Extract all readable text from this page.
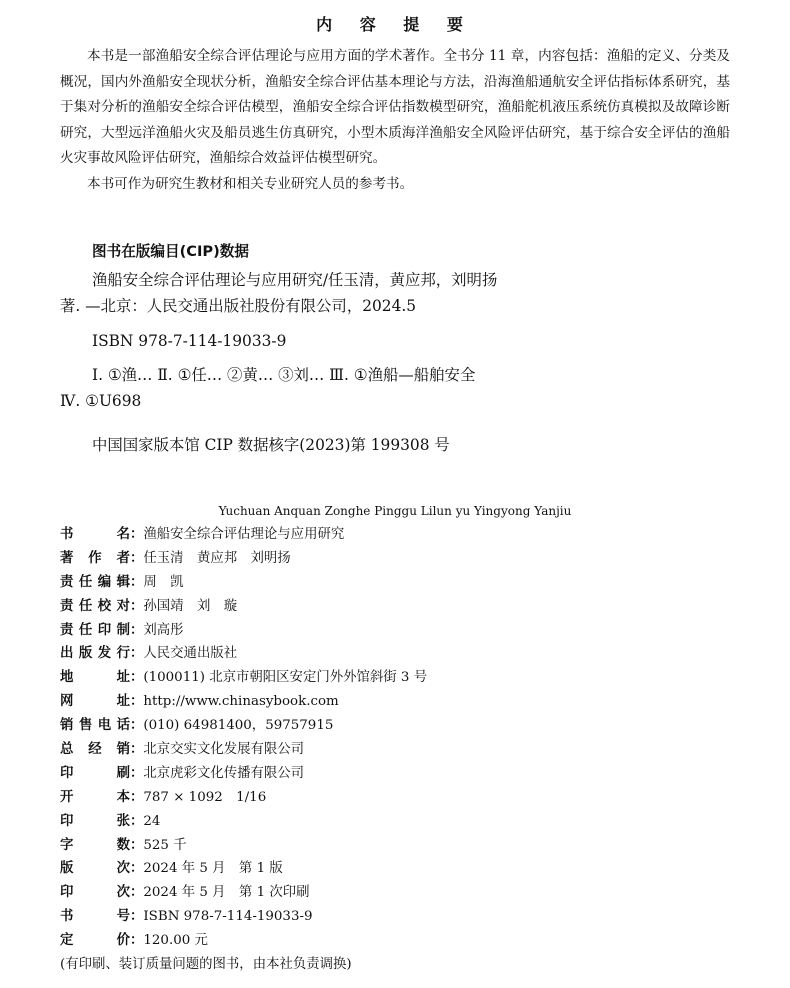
内 容 提 要

本书是一部渔船安全综合评估理论与应用方面的学术著作。全书分 11 章，内容包括：渔船的定义、分类及概况，国内外渔船安全现状分析，渔船安全综合评估基本理论与方法，沿海渔船通航安全评估指标体系研究，基于集对分析的渔船安全综合评估模型，渔船安全综合评估指数模型研究，渔船舵机液压系统仿真模拟及故障诊断研究，大型远洋渔船火灾及船员逃生仿真研究，小型木质海洋渔船安全风险评估研究，基于综合安全评估的渔船火灾事故风险评估研究，渔船综合效益评估模型研究。

本书可作为研究生教材和相关专业研究人员的参考书。

图书在版编目(CIP)数据

渔船安全综合评估理论与应用研究/任玉清，黄应邦，刘明扬著. —北京：人民交通出版社股份有限公司，2024.5

ISBN 978-7-114-19033-9

Ⅰ. ①渔… Ⅱ. ①任… ②黄… ③刘… Ⅲ. ①渔船—船舶安全 Ⅳ. ①U698

中国国家版本馆 CIP 数据核字(2023)第 199308 号

Yuchuan Anquan Zonghe Pinggu Lilun yu Yingyong Yanjiu
书名：渔船安全综合评估理论与应用研究
著作者：任玉清　黄应邦　刘明扬
责任编辑：周　凯
责任校对：孙国靖　刘　璇
责任印制：刘高彤
出版发行：人民交通出版社
地址：(100011) 北京市朝阳区安定门外外馆斜街 3 号
网址：http://www.chinasybook.com
销售电话：(010) 64981400，59757915
总经销：北京交实文化发展有限公司
印刷：北京虎彩文化传播有限公司
开本：787 × 1092　1/16
印张：24
字数：525 千
版次：2024 年 5 月　第 1 版
印次：2024 年 5 月　第 1 次印刷
书号：ISBN 978-7-114-19033-9
定价：120.00 元
(有印刷、装订质量问题的图书，由本社负责调换)
